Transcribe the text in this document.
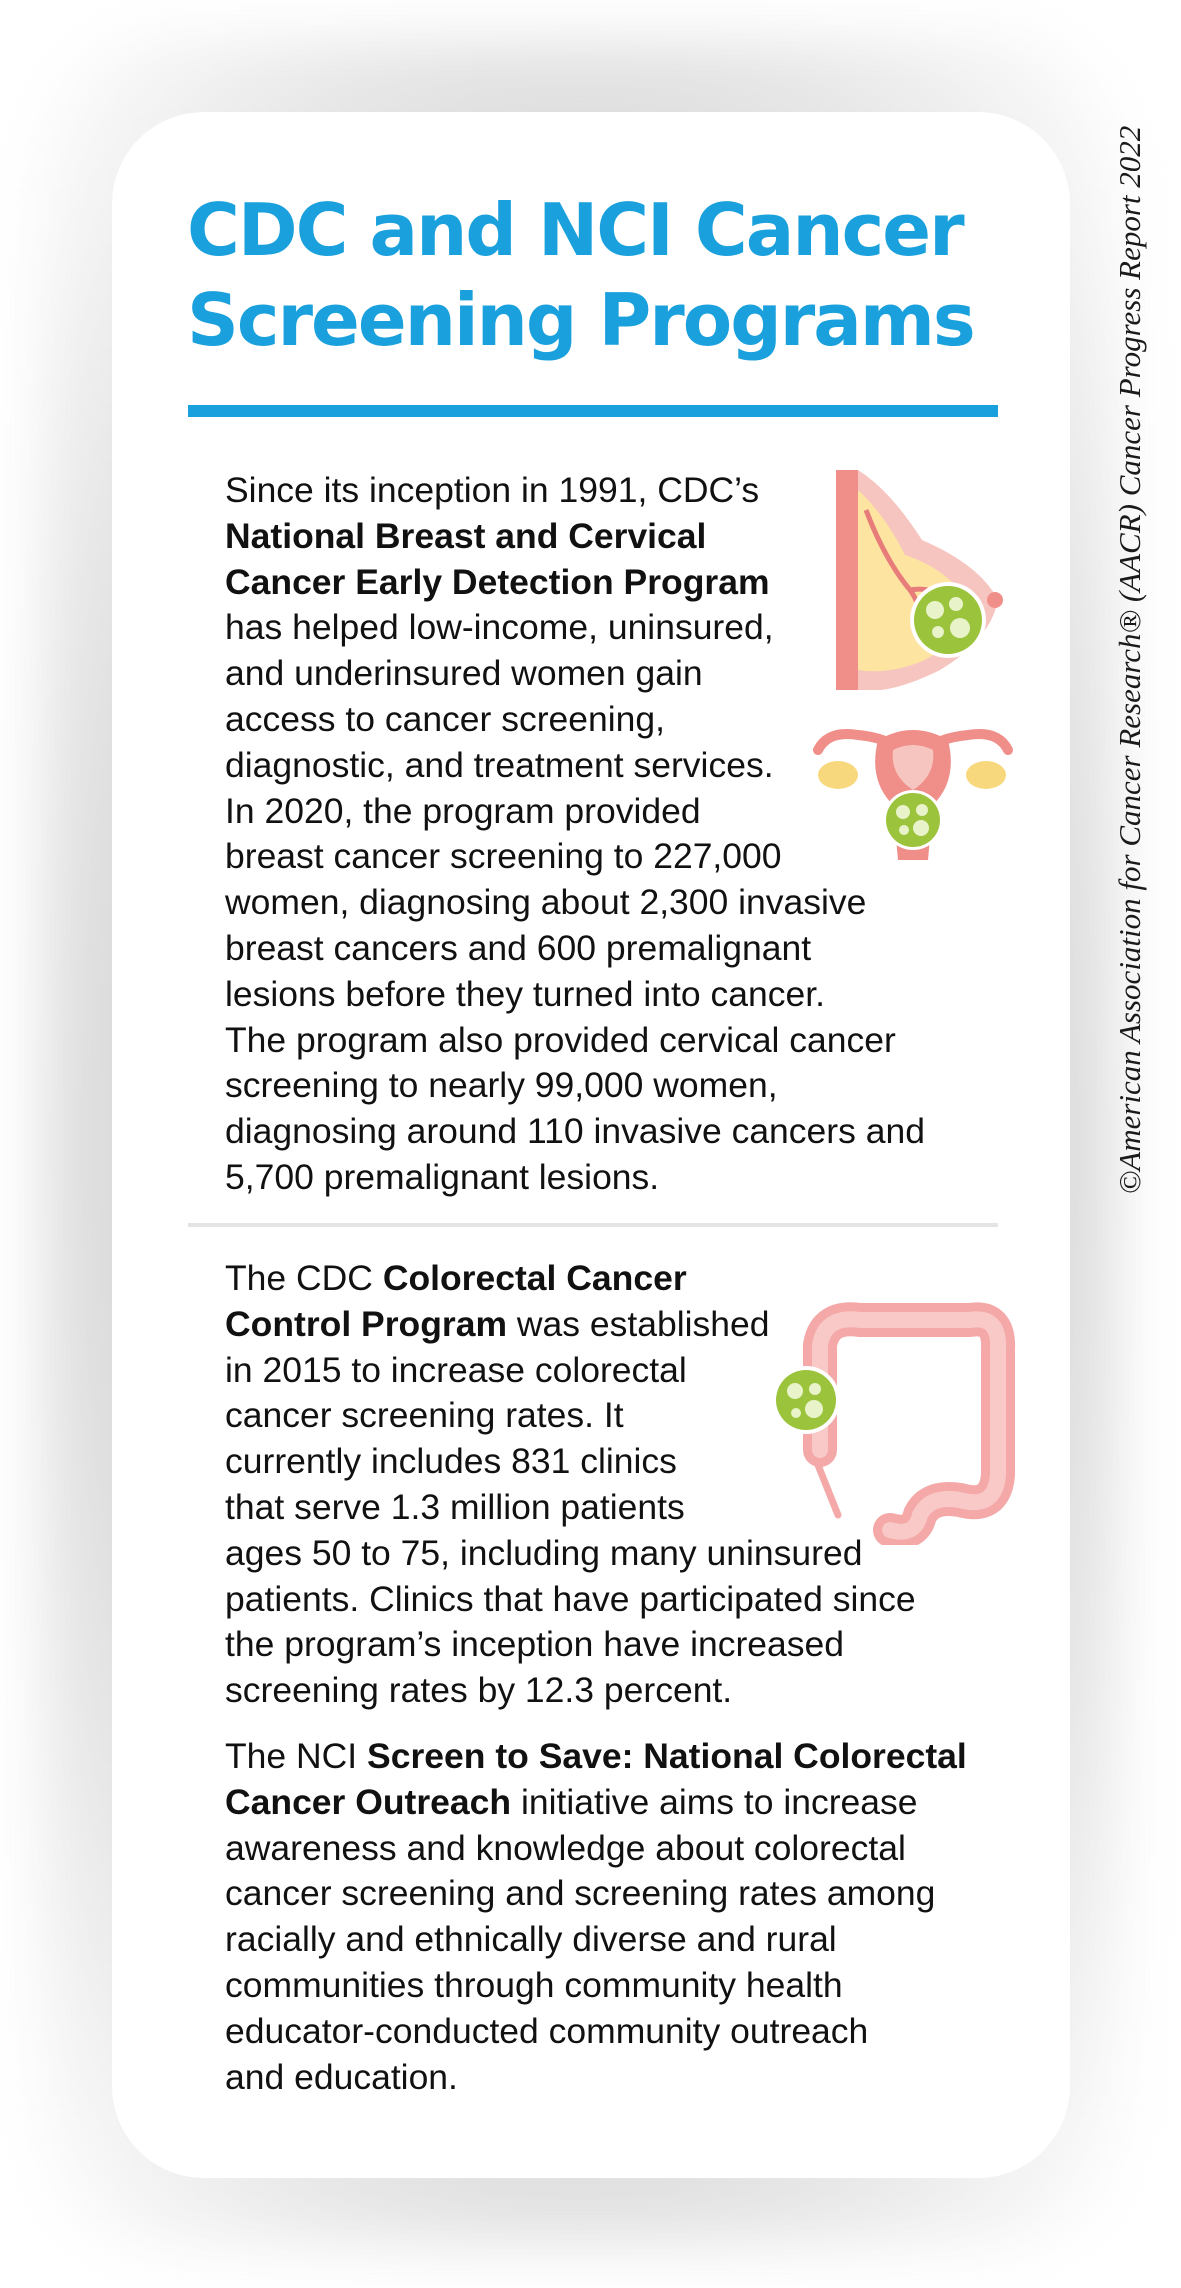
©American Association for Cancer Research® (AACR) Cancer Progress Report 2022
CDC and NCI Cancer
Screening Programs

Since its inception in 1991, CDC’s
National Breast and Cervical
Cancer Early Detection Program
has helped low-income, uninsured,
and underinsured women gain
access to cancer screening,
diagnostic, and treatment services.
In 2020, the program provided
breast cancer screening to 227,000
women, diagnosing about 2,300 invasive
breast cancers and 600 premalignant
lesions before they turned into cancer.
The program also provided cervical cancer
screening to nearly 99,000 women,
diagnosing around 110 invasive cancers and
5,700 premalignant lesions.

The CDC Colorectal Cancer
Control Program was established
in 2015 to increase colorectal
cancer screening rates. It
currently includes 831 clinics
that serve 1.3 million patients
ages 50 to 75, including many uninsured
patients. Clinics that have participated since
the program’s inception have increased
screening rates by 12.3 percent.

The NCI Screen to Save: National Colorectal
Cancer Outreach initiative aims to increase
awareness and knowledge about colorectal
cancer screening and screening rates among
racially and ethnically diverse and rural
communities through community health
educator-conducted community outreach
and education.
